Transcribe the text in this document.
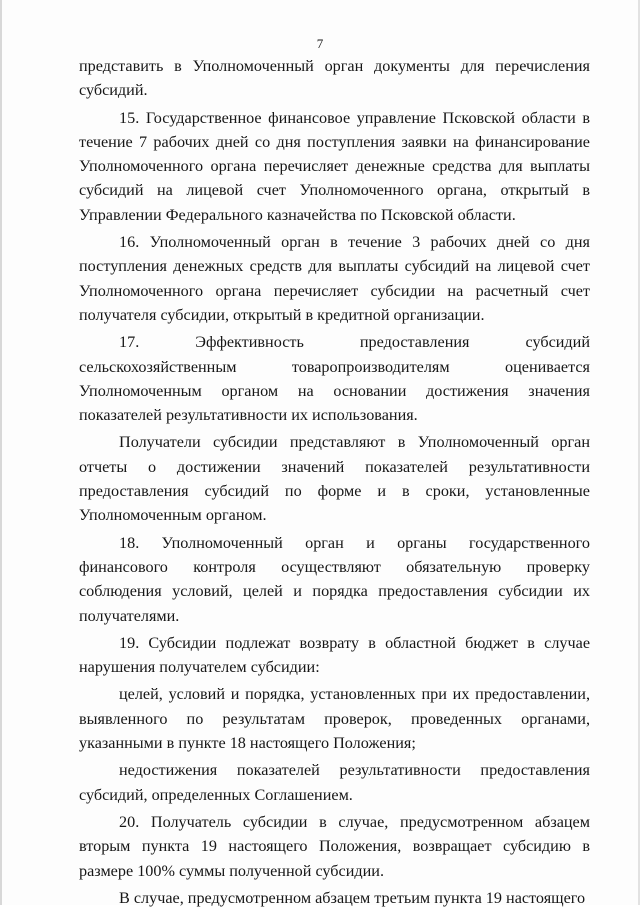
7

представить в Уполномоченный орган документы для перечисления субсидий.

15. Государственное финансовое управление Псковской области в течение 7 рабочих дней со дня поступления заявки на финансирование Уполномоченного органа перечисляет денежные средства для выплаты субсидий на лицевой счет Уполномоченного органа, открытый в Управлении Федерального казначейства по Псковской области.

16. Уполномоченный орган в течение 3 рабочих дней со дня поступления денежных средств для выплаты субсидий на лицевой счет Уполномоченного органа перечисляет субсидии на расчетный счет получателя субсидии, открытый в кредитной организации.

17. Эффективность предоставления субсидий сельскохозяйственным товаропроизводителям оценивается Уполномоченным органом на основании достижения значения показателей результативности их использования.

Получатели субсидии представляют в Уполномоченный орган отчеты о достижении значений показателей результативности предоставления субсидий по форме и в сроки, установленные Уполномоченным органом.

18. Уполномоченный орган и органы государственного финансового контроля осуществляют обязательную проверку соблюдения условий, целей и порядка предоставления субсидии их получателями.

19. Субсидии подлежат возврату в областной бюджет в случае нарушения получателем субсидии:

целей, условий и порядка, установленных при их предоставлении, выявленного по результатам проверок, проведенных органами, указанными в пункте 18 настоящего Положения;

недостижения показателей результативности предоставления субсидий, определенных Соглашением.

20. Получатель субсидии в случае, предусмотренном абзацем вторым пункта 19 настоящего Положения, возвращает субсидию в размере 100% суммы полученной субсидии.

В случае, предусмотренном абзацем третьим пункта 19 настоящего
